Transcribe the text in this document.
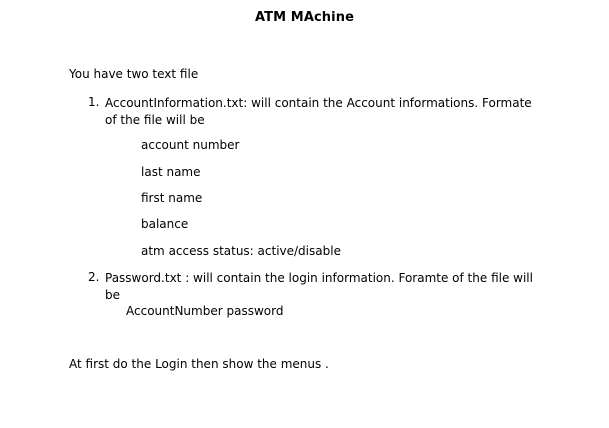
ATM MAchine
You have two text file
1. AccountInformation.txt: will contain the Account informations. Formate of the file will be
account number
last name
first name
balance
atm access status: active/disable
2. Password.txt : will contain the login information. Foramte of the file will be
AccountNumber password
At first do the Login then show the menus .
